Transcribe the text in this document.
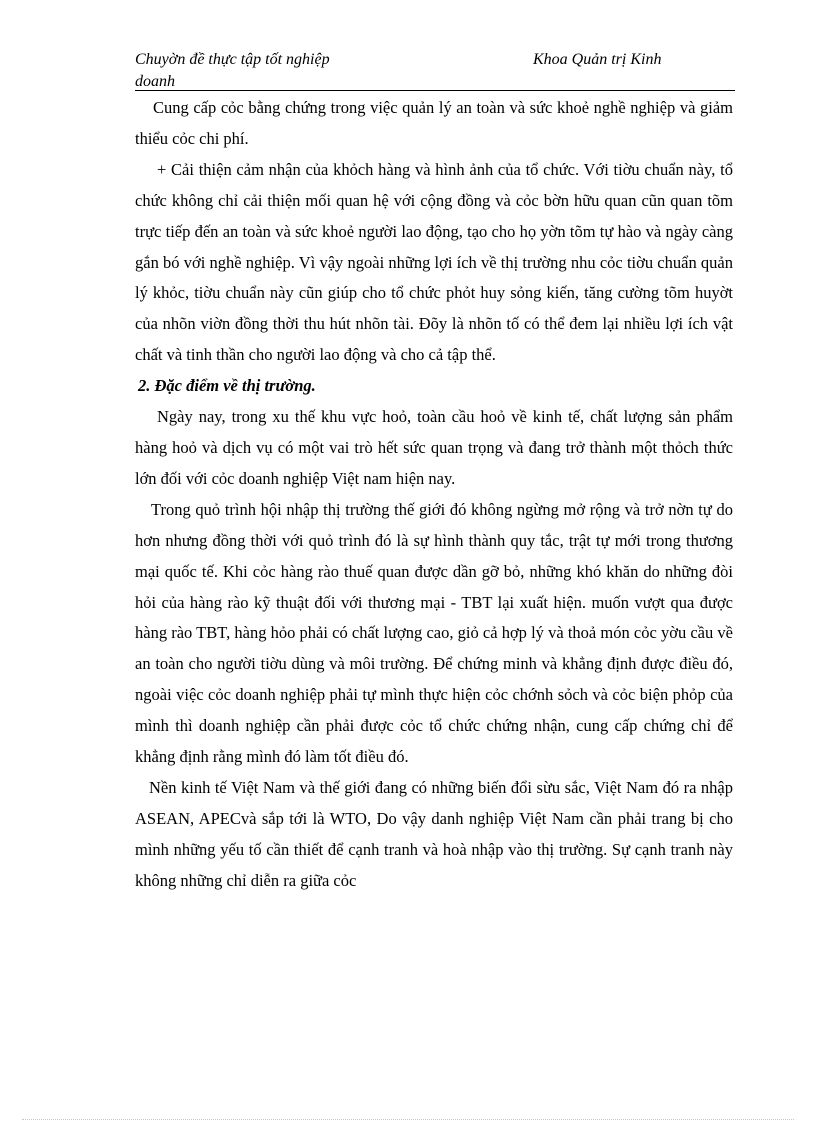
Chuyờn đề thực tập tốt nghiệp	Khoa Quản trị Kinh
doanh

Cung cấp cỏc bằng chứng trong việc quản lý an toàn và sức khoẻ nghề nghiệp và giảm thiểu cỏc chi phí.

+ Cải thiện cảm nhận của khỏch hàng và hình ảnh của tổ chức. Với tiờu chuẩn này, tổ chức không chỉ cải thiện mối quan hệ với cộng đồng và cỏc bờn hữu quan cũn quan tõm trực tiếp đến an toàn và sức khoẻ người lao động, tạo cho họ yờn tõm tự hào và ngày càng gắn bó với nghề nghiệp. Vì vậy ngoài những lợi ích về thị trường nhu cỏc tiờu chuẩn quản lý khỏc, tiờu chuẩn này cũn giúp cho tổ chức phỏt huy sỏng kiến, tăng cường tõm huyờt của nhõn viờn đồng thời thu hút nhõn tài. Đõy là nhõn tố có thể đem lại nhiều lợi ích vật chất và tinh thần cho người lao động và cho cả tập thể.

2. Đặc điểm về thị trường.

Ngày nay, trong xu thế khu vực hoỏ, toàn cầu hoỏ về kinh tế, chất lượng sản phẩm hàng hoỏ và dịch vụ có một vai trò hết sức quan trọng và đang trở thành một thỏch thức lớn đối với cỏc doanh nghiệp Việt nam hiện nay.

Trong quỏ trình hội nhập thị trường thế giới đó không ngừng mở rộng và trở nờn tự do hơn nhưng đồng thời với quỏ trình đó là sự hình thành quy tắc, trật tự mới trong thương mại quốc tế. Khi cỏc hàng rào thuế quan được dần gỡ bỏ, những khó khăn do những đòi hỏi của hàng rào kỹ thuật đối với thương mại - TBT lại xuất hiện. muốn vượt qua được hàng rào TBT, hàng hỏo phải có chất lượng cao, giỏ cả hợp lý và thoả món cỏc yờu cầu về an toàn cho người tiờu dùng và môi trường. Để chứng minh và khẳng định được điều đó, ngoài việc cỏc doanh nghiệp phải tự mình thực hiện cỏc chớnh sỏch và cỏc biện phỏp của mình thì doanh nghiệp cần phải được cỏc tổ chức chứng nhận, cung cấp chứng chỉ để khẳng định rằng mình đó làm tốt điều đó.

Nền kinh tế Việt Nam và thế giới đang có những biến đổi sừu sắc, Việt Nam đó ra nhập ASEAN, APECvà sắp tới là WTO, Do vậy danh nghiệp Việt Nam cần phải trang bị cho mình những yếu tố cần thiết để cạnh tranh và hoà nhập vào thị trường. Sự cạnh tranh này không những chỉ diễn ra giữa cỏc
